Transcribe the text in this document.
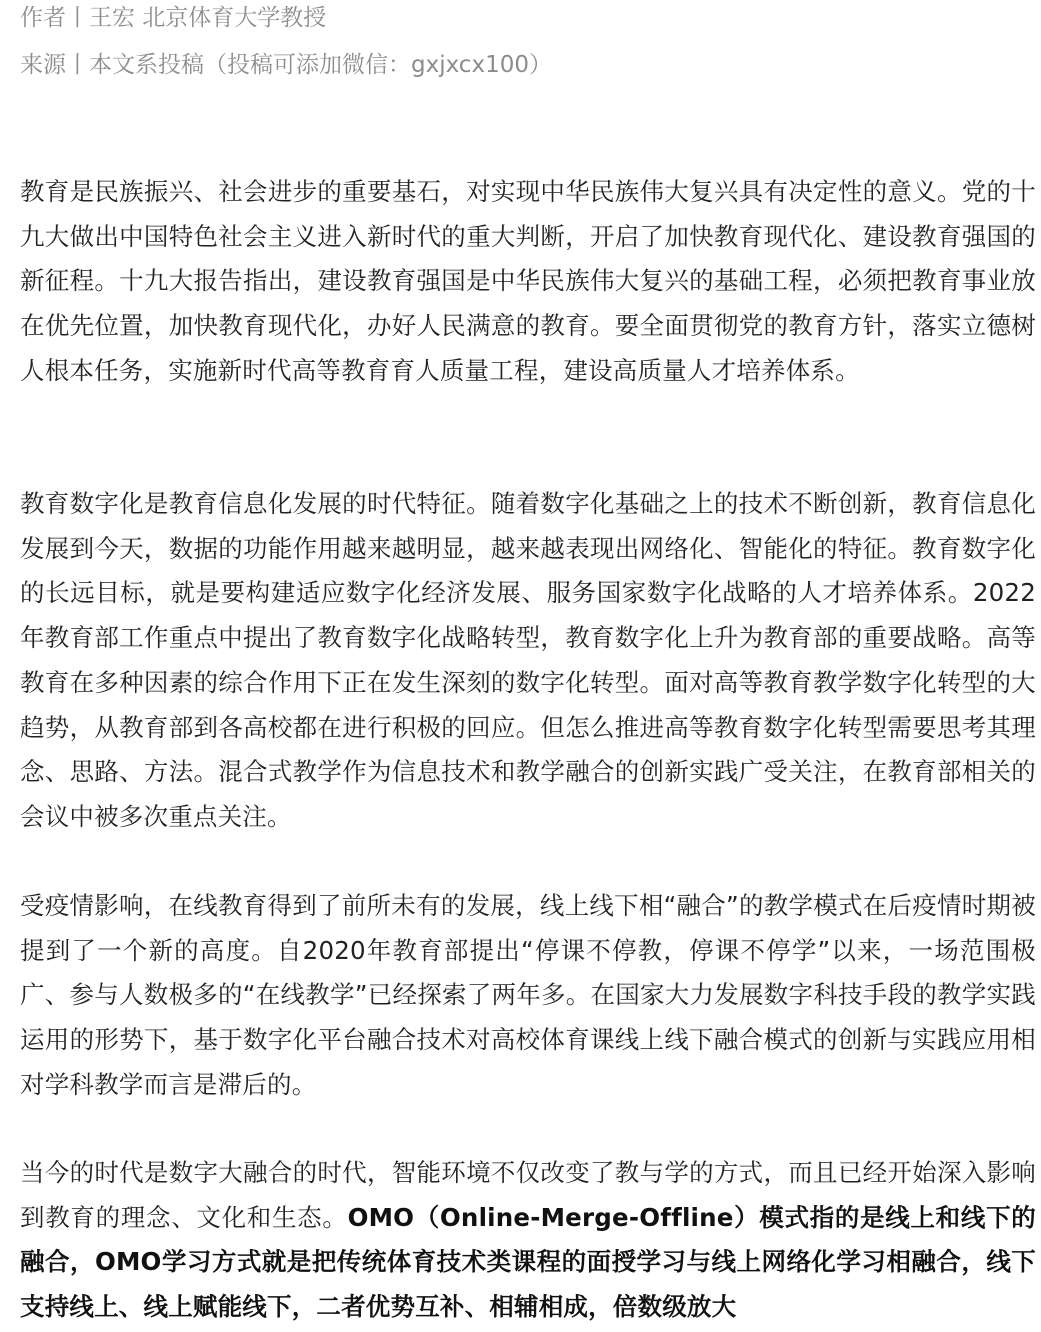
作者丨王宏 北京体育大学教授
来源丨本文系投稿（投稿可添加微信：gxjxcx100）

教育是民族振兴、社会进步的重要基石，对实现中华民族伟大复兴具有决定性的意义。党的十九大做出中国特色社会主义进入新时代的重大判断，开启了加快教育现代化、建设教育强国的新征程。十九大报告指出，建设教育强国是中华民族伟大复兴的基础工程，必须把教育事业放在优先位置，加快教育现代化，办好人民满意的教育。要全面贯彻党的教育方针，落实立德树人根本任务，实施新时代高等教育育人质量工程，建设高质量人才培养体系。

教育数字化是教育信息化发展的时代特征。随着数字化基础之上的技术不断创新，教育信息化发展到今天，数据的功能作用越来越明显，越来越表现出网络化、智能化的特征。教育数字化的长远目标，就是要构建适应数字化经济发展、服务国家数字化战略的人才培养体系。2022年教育部工作重点中提出了教育数字化战略转型，教育数字化上升为教育部的重要战略。高等教育在多种因素的综合作用下正在发生深刻的数字化转型。面对高等教育教学数字化转型的大趋势，从教育部到各高校都在进行积极的回应。但怎么推进高等教育数字化转型需要思考其理念、思路、方法。混合式教学作为信息技术和教学融合的创新实践广受关注，在教育部相关的会议中被多次重点关注。

受疫情影响，在线教育得到了前所未有的发展，线上线下相“融合”的教学模式在后疫情时期被提到了一个新的高度。自2020年教育部提出“停课不停教，停课不停学”以来，一场范围极广、参与人数极多的“在线教学”已经探索了两年多。在国家大力发展数字科技手段的教学实践运用的形势下，基于数字化平台融合技术对高校体育课线上线下融合模式的创新与实践应用相对学科教学而言是滞后的。

当今的时代是数字大融合的时代，智能环境不仅改变了教与学的方式，而且已经开始深入影响到教育的理念、文化和生态。OMO（Online-Merge-Offline）模式指的是线上和线下的融合，OMO学习方式就是把传统体育技术类课程的面授学习与线上网络化学习相融合，线下支持线上、线上赋能线下，二者优势互补、相辅相成，倍数级放大
